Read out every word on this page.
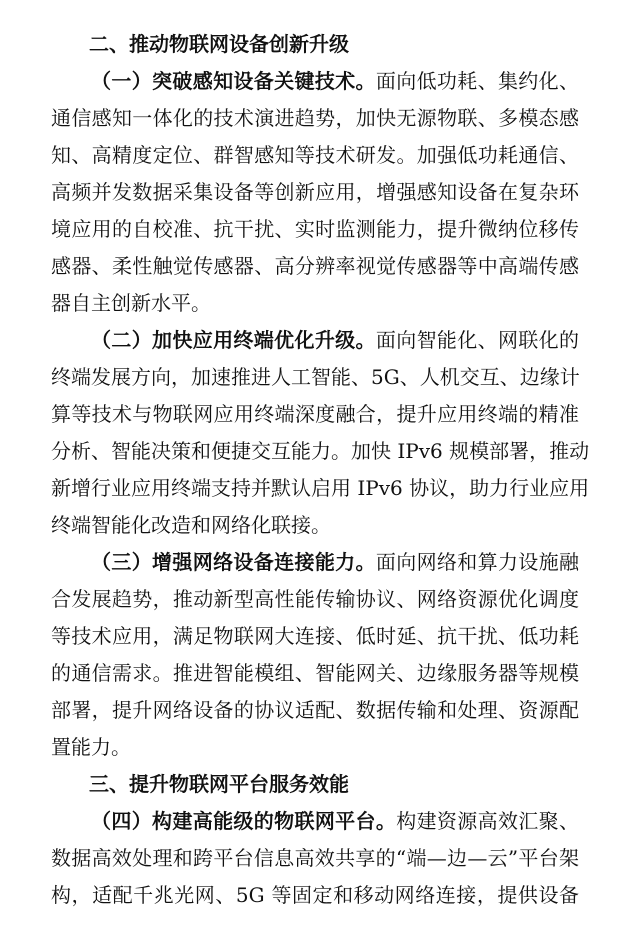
二、推动物联网设备创新升级

（一）突破感知设备关键技术。面向低功耗、集约化、
通信感知一体化的技术演进趋势，加快无源物联、多模态感
知、高精度定位、群智感知等技术研发。加强低功耗通信、
高频并发数据采集设备等创新应用，增强感知设备在复杂环
境应用的自校准、抗干扰、实时监测能力，提升微纳位移传
感器、柔性触觉传感器、高分辨率视觉传感器等中高端传感
器自主创新水平。

（二）加快应用终端优化升级。面向智能化、网联化的
终端发展方向，加速推进人工智能、5G、人机交互、边缘计
算等技术与物联网应用终端深度融合，提升应用终端的精准
分析、智能决策和便捷交互能力。加快 IPv6 规模部署，推动
新增行业应用终端支持并默认启用 IPv6 协议，助力行业应用
终端智能化改造和网络化联接。

（三）增强网络设备连接能力。面向网络和算力设施融
合发展趋势，推动新型高性能传输协议、网络资源优化调度
等技术应用，满足物联网大连接、低时延、抗干扰、低功耗
的通信需求。推进智能模组、智能网关、边缘服务器等规模
部署，提升网络设备的协议适配、数据传输和处理、资源配
置能力。

三、提升物联网平台服务效能

（四）构建高能级的物联网平台。构建资源高效汇聚、
数据高效处理和跨平台信息高效共享的“端—边—云”平台架
构，适配千兆光网、5G 等固定和移动网络连接，提供设备
